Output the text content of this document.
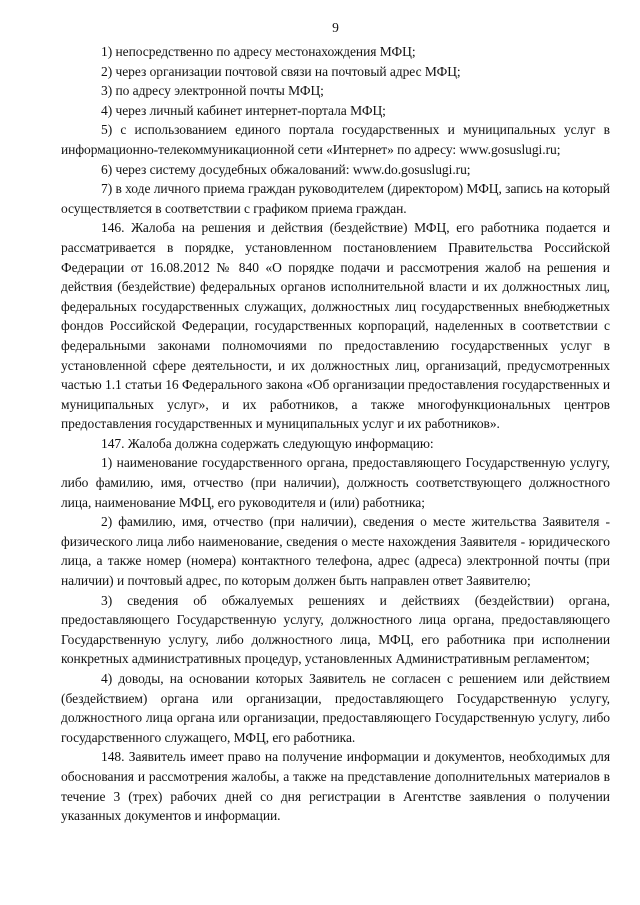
9

1) непосредственно по адресу местонахождения МФЦ;

2) через организации почтовой связи на почтовый адрес МФЦ;

3) по адресу электронной почты МФЦ;

4) через личный кабинет интернет-портала МФЦ;

5) с использованием единого портала государственных и муниципальных услуг в информационно-телекоммуникационной сети «Интернет» по адресу: www.gosuslugi.ru;

6) через систему досудебных обжалований: www.do.gosuslugi.ru;

7) в ходе личного приема граждан руководителем (директором) МФЦ, запись на который осуществляется в соответствии с графиком приема граждан.

146. Жалоба на решения и действия (бездействие) МФЦ, его работника подается и рассматривается в порядке, установленном постановлением Правительства Российской Федерации от 16.08.2012 № 840 «О порядке подачи и рассмотрения жалоб на решения и действия (бездействие) федеральных органов исполнительной власти и их должностных лиц, федеральных государственных служащих, должностных лиц государственных внебюджетных фондов Российской Федерации, государственных корпораций, наделенных в соответствии с федеральными законами полномочиями по предоставлению государственных услуг в установленной сфере деятельности, и их должностных лиц, организаций, предусмотренных частью 1.1 статьи 16 Федерального закона «Об организации предоставления государственных и муниципальных услуг», и их работников, а также многофункциональных центров предоставления государственных и муниципальных услуг и их работников».

147. Жалоба должна содержать следующую информацию:

1) наименование государственного органа, предоставляющего Государственную услугу, либо фамилию, имя, отчество (при наличии), должность соответствующего должностного лица, наименование МФЦ, его руководителя и (или) работника;

2) фамилию, имя, отчество (при наличии), сведения о месте жительства Заявителя - физического лица либо наименование, сведения о месте нахождения Заявителя - юридического лица, а также номер (номера) контактного телефона, адрес (адреса) электронной почты (при наличии) и почтовый адрес, по которым должен быть направлен ответ Заявителю;

3) сведения об обжалуемых решениях и действиях (бездействии) органа, предоставляющего Государственную услугу, должностного лица органа, предоставляющего Государственную услугу, либо должностного лица, МФЦ, его работника при исполнении конкретных административных процедур, установленных Административным регламентом;

4) доводы, на основании которых Заявитель не согласен с решением или действием (бездействием) органа или организации, предоставляющего Государственную услугу, должностного лица органа или организации, предоставляющего Государственную услугу, либо государственного служащего, МФЦ, его работника.

148. Заявитель имеет право на получение информации и документов, необходимых для обоснования и рассмотрения жалобы, а также на представление дополнительных материалов в течение 3 (трех) рабочих дней со дня регистрации в Агентстве заявления о получении указанных документов и информации.
